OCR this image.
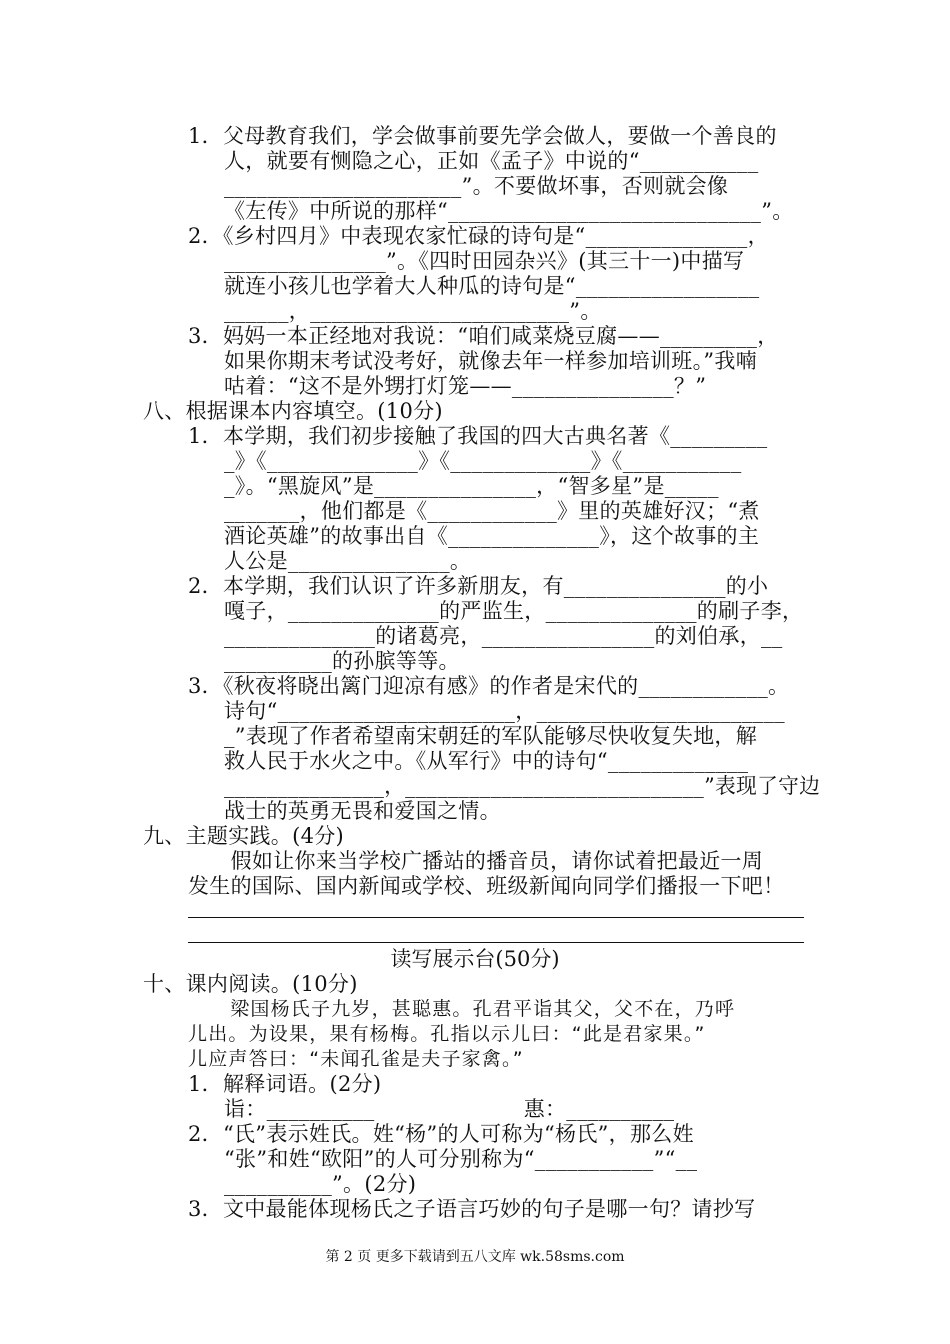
1．父母教育我们，学会做事前要先学会做人，要做一个善良的
人，就要有恻隐之心，正如《孟子》中说的“___________
______________________”。不要做坏事，否则就会像
《左传》中所说的那样“_____________________________”。
2．《乡村四月》中表现农家忙碌的诗句是“_______________，
_______________”。《四时田园杂兴》(其三十一)中描写
就连小孩儿也学着大人种瓜的诗句是“_________________
______，________________________”。
3．妈妈一本正经地对我说：“咱们咸菜烧豆腐——_________，
如果你期末考试没考好，就像去年一样参加培训班。”我喃
咕着：“这不是外甥打灯笼——_______________？”
八、根据课本内容填空。(10分)
1．本学期，我们初步接触了我国的四大古典名著《_________
_》《______________》《_____________》《___________
_》。“黑旋风”是_______________，“智多星”是_____
_______，他们都是《____________》里的英雄好汉；“煮
酒论英雄”的故事出自《______________》，这个故事的主
人公是_______________。
2．本学期，我们认识了许多新朋友，有_______________的小
嘎子，______________的严监生，______________的刷子李，
______________的诸葛亮，________________的刘伯承，__
__________的孙膑等等。
3．《秋夜将晓出篱门迎凉有感》的作者是宋代的____________。
诗句“______________________，_______________________
_”表现了作者希望南宋朝廷的军队能够尽快收复失地，解
救人民于水火之中。《从军行》中的诗句“_____________
_______________，____________________________”表现了守边
战士的英勇无畏和爱国之情。
九、主题实践。(4分)
　　假如让你来当学校广播站的播音员，请你试着把最近一周
发生的国际、国内新闻或学校、班级新闻向同学们播报一下吧！
读写展示台(50分)
十、课内阅读。(10分)
　梁国杨氏子九岁，甚聪惠。孔君平诣其父，父不在，乃呼
儿出。为设果，果有杨梅。孔指以示儿曰：“此是君家果。”
儿应声答曰：“未闻孔雀是夫子家禽。”
1．解释词语。(2分)
诣：__________　　　　　　　惠：__________
2．“氏”表示姓氏。姓“杨”的人可称为“杨氏”，那么姓
“张”和姓“欧阳”的人可分别称为“___________”“__
__________”。(2分)
3．文中最能体现杨氏之子语言巧妙的句子是哪一句？请抄写
第 2 页 更多下载请到五八文库 wk.58sms.com
